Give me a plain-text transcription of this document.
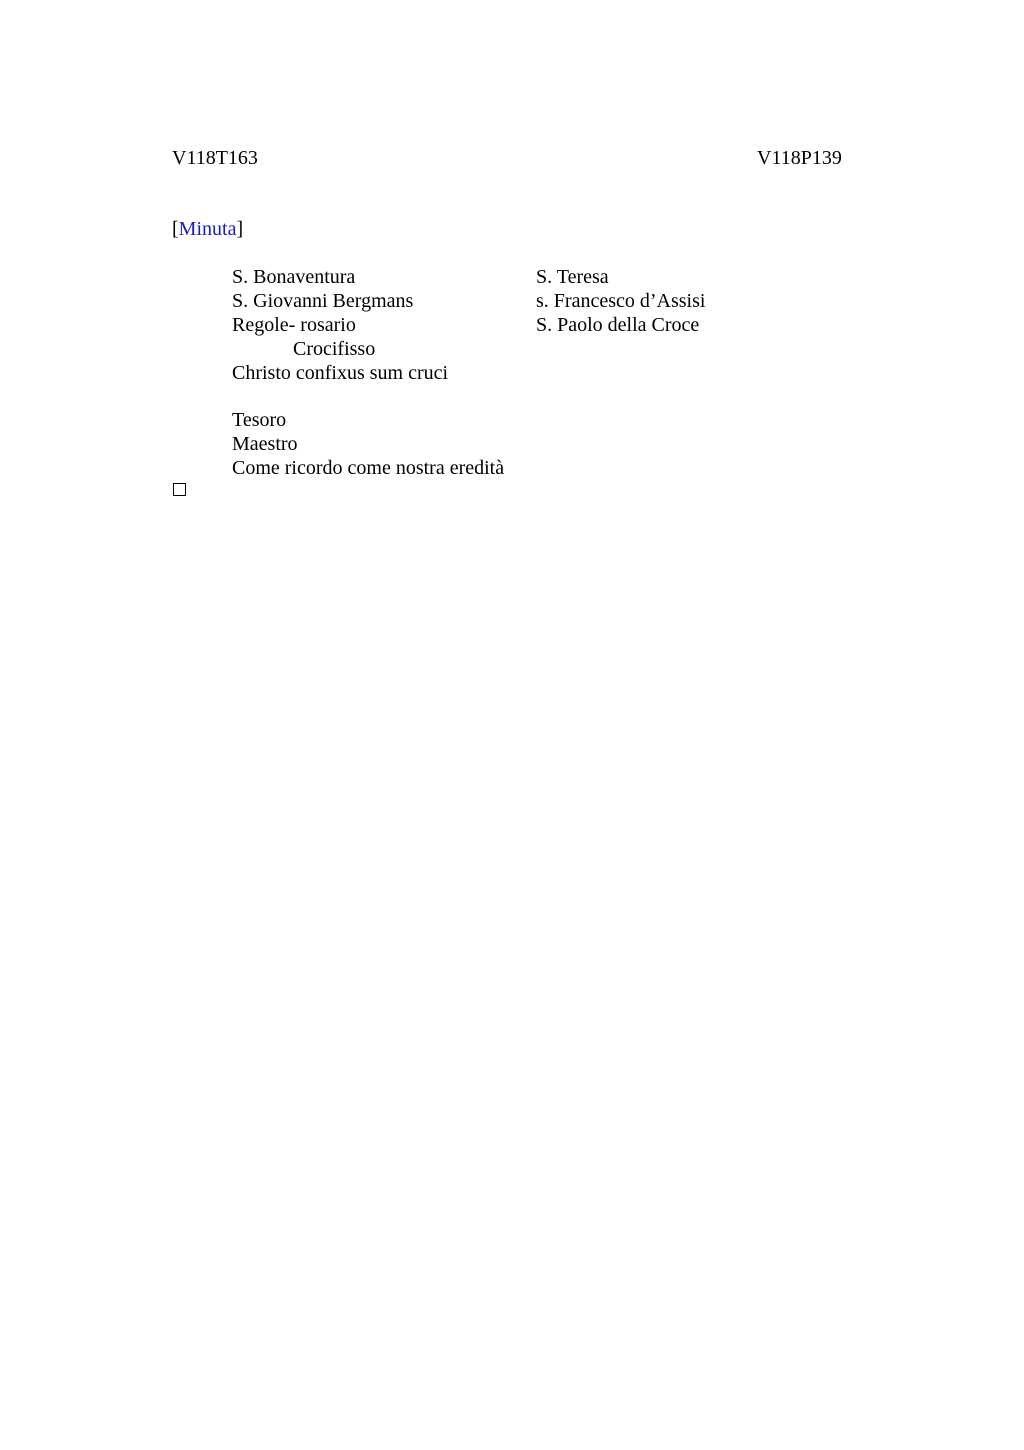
V118T163	V118P139
[Minuta]
S. Bonaventura
S. Giovanni Bergmans
Regole- rosario
Crocifisso
Christo confixus sum cruci
Tesoro
Maestro
Come ricordo come nostra eredità
S. Teresa
s. Francesco d’Assisi
S. Paolo della Croce
